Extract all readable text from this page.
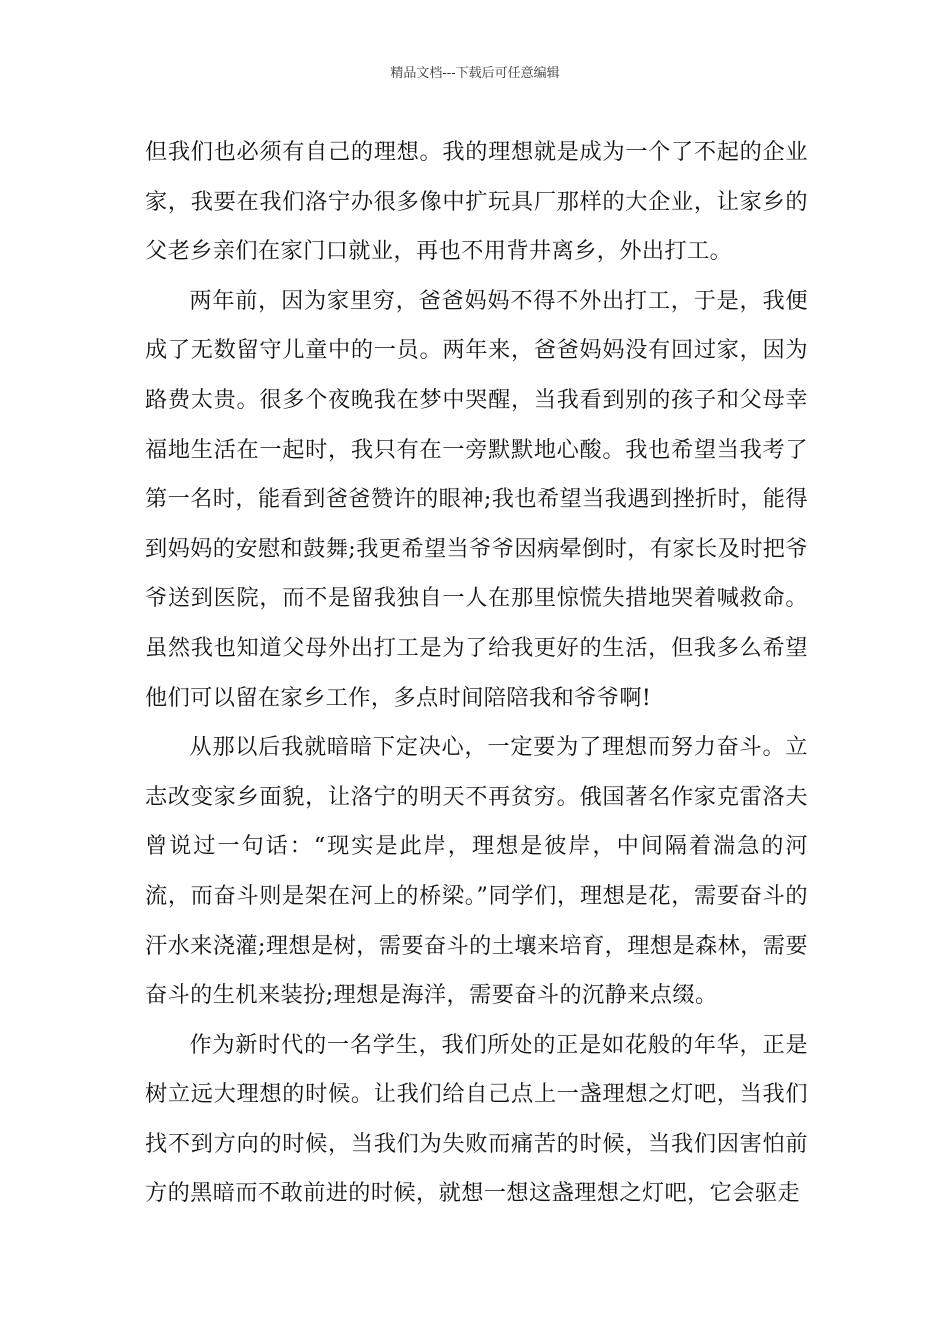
精品文档---下载后可任意编辑

但我们也必须有自己的理想。我的理想就是成为一个了不起的企业家，我要在我们洛宁办很多像中扩玩具厂那样的大企业，让家乡的父老乡亲们在家门口就业，再也不用背井离乡，外出打工。

两年前，因为家里穷，爸爸妈妈不得不外出打工，于是，我便成了无数留守儿童中的一员。两年来，爸爸妈妈没有回过家，因为路费太贵。很多个夜晚我在梦中哭醒，当我看到别的孩子和父母幸福地生活在一起时，我只有在一旁默默地心酸。我也希望当我考了第一名时，能看到爸爸赞许的眼神;我也希望当我遇到挫折时，能得到妈妈的安慰和鼓舞;我更希望当爷爷因病晕倒时，有家长及时把爷爷送到医院，而不是留我独自一人在那里惊慌失措地哭着喊救命。虽然我也知道父母外出打工是为了给我更好的生活，但我多么希望他们可以留在家乡工作，多点时间陪陪我和爷爷啊!

从那以后我就暗暗下定决心，一定要为了理想而努力奋斗。立志改变家乡面貌，让洛宁的明天不再贫穷。俄国著名作家克雷洛夫曾说过一句话：“现实是此岸，理想是彼岸，中间隔着湍急的河流，而奋斗则是架在河上的桥梁。”同学们，理想是花，需要奋斗的汗水来浇灌;理想是树，需要奋斗的土壤来培育，理想是森林，需要奋斗的生机来装扮;理想是海洋，需要奋斗的沉静来点缀。

作为新时代的一名学生，我们所处的正是如花般的年华，正是树立远大理想的时候。让我们给自己点上一盏理想之灯吧，当我们找不到方向的时候，当我们为失败而痛苦的时候，当我们因害怕前方的黑暗而不敢前进的时候，就想一想这盏理想之灯吧，它会驱走
